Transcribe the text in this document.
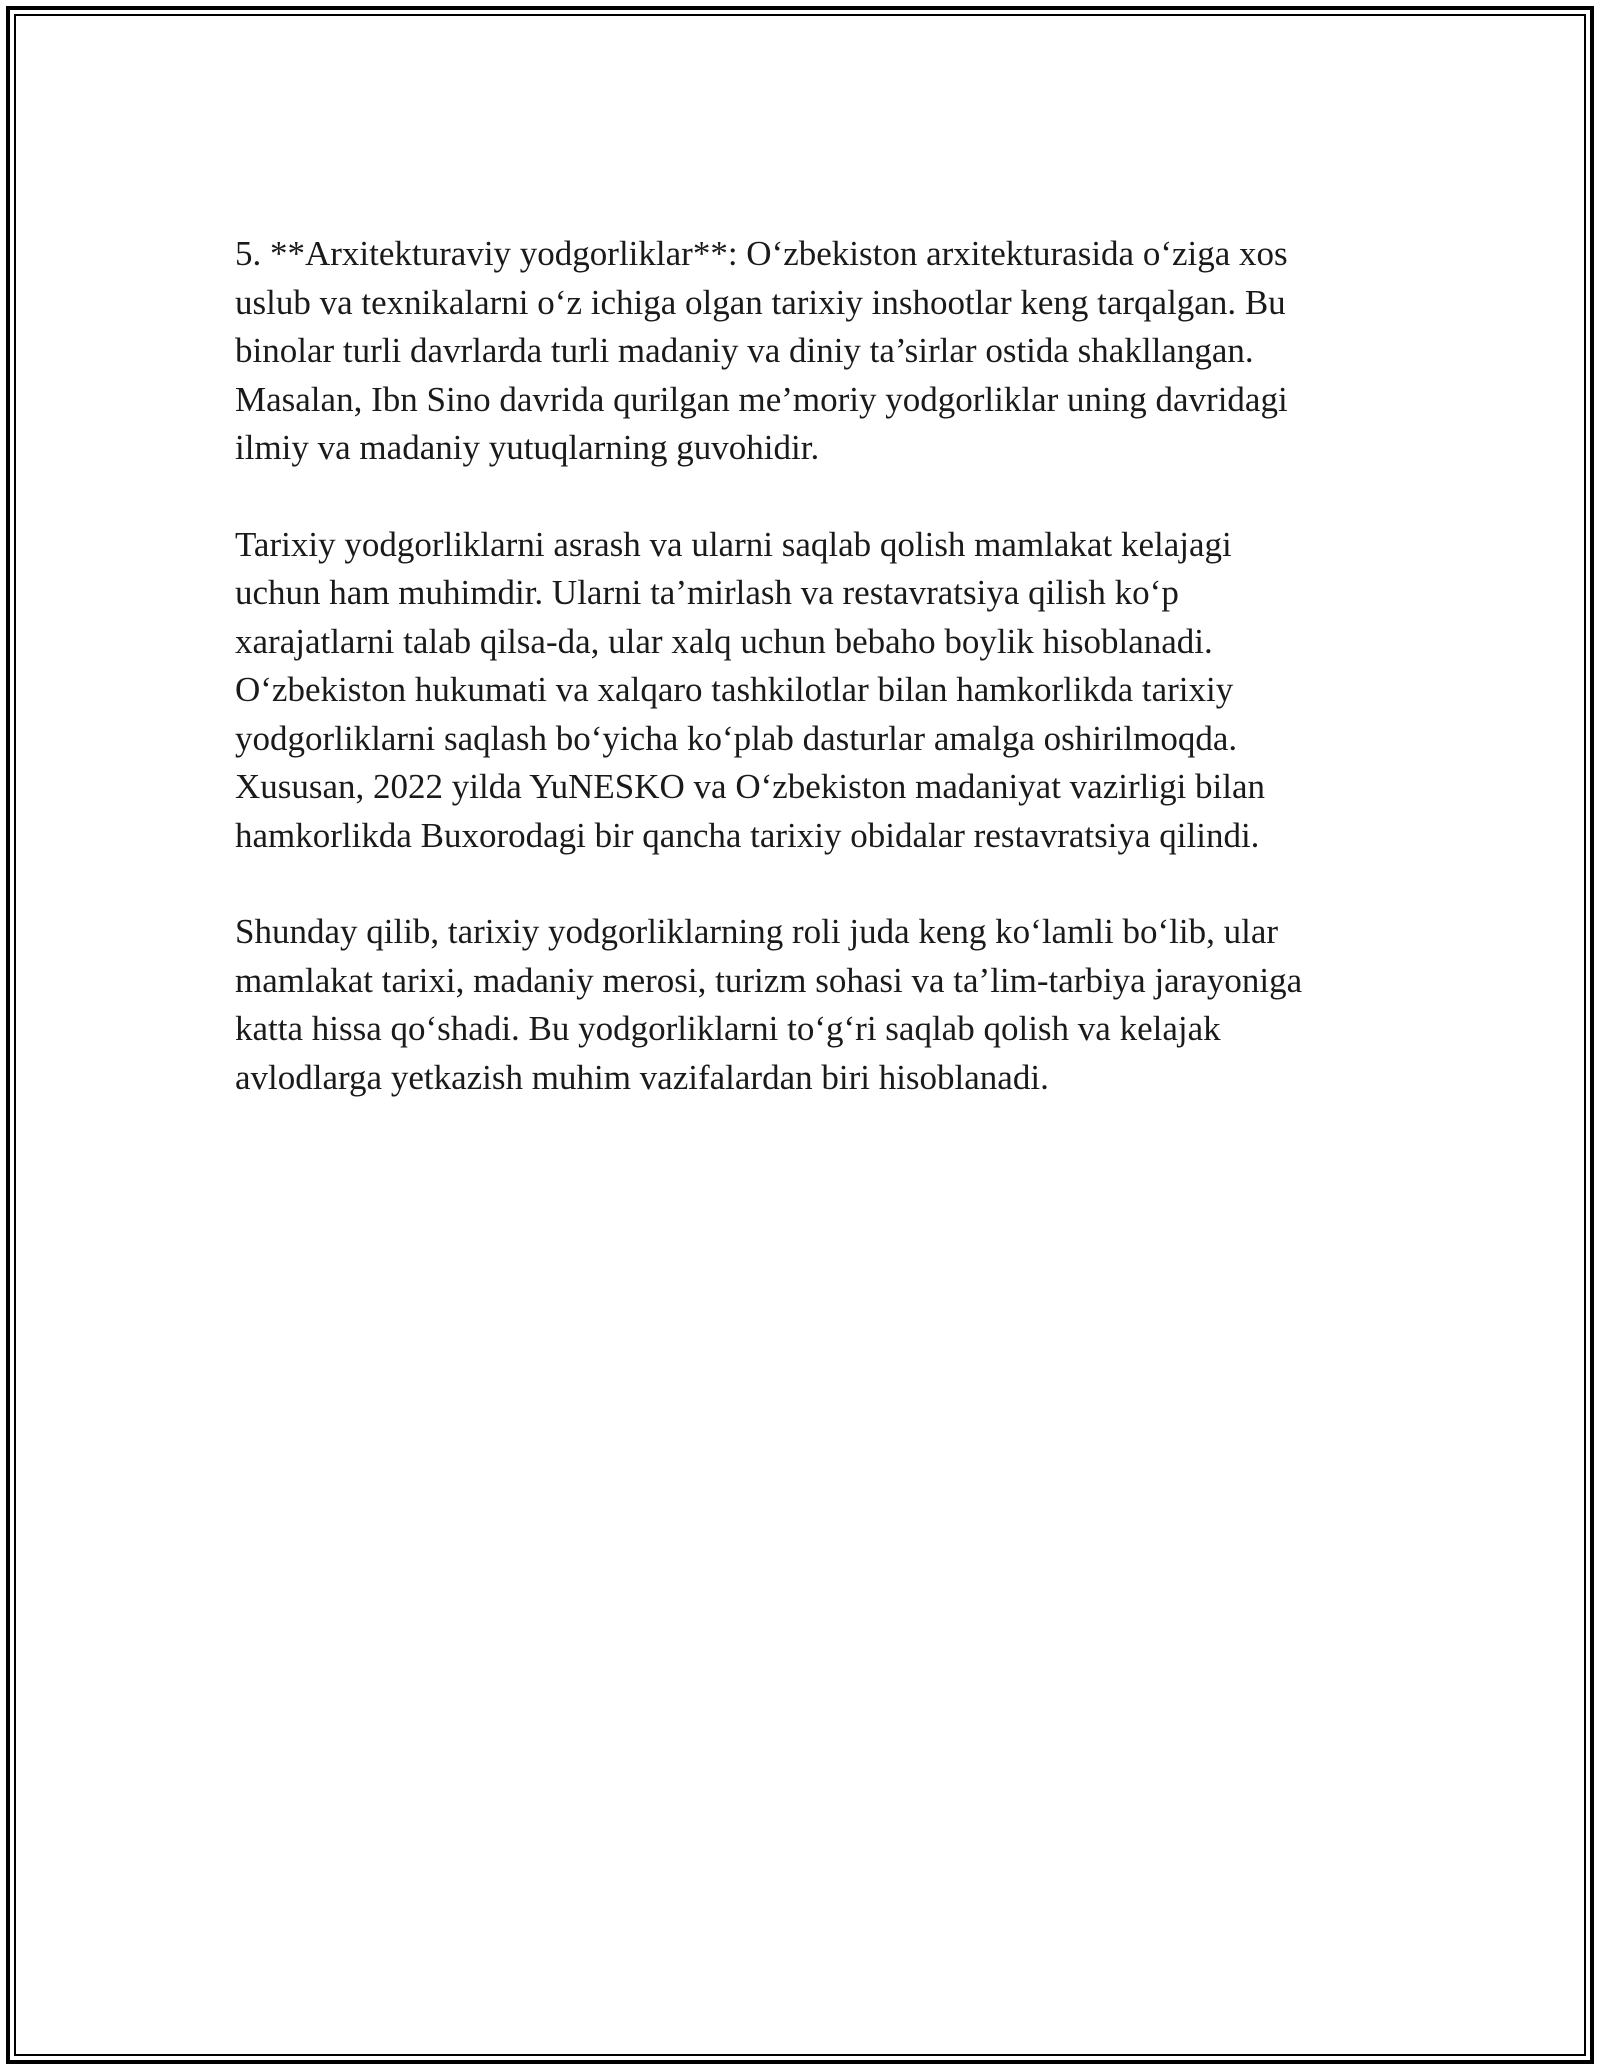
5. **Arxitekturaviy yodgorliklar**: O‘zbekiston arxitekturasida o‘ziga xos
uslub va texnikalarni o‘z ichiga olgan tarixiy inshootlar keng tarqalgan. Bu
binolar turli davrlarda turli madaniy va diniy ta’sirlar ostida shakllangan.
Masalan, Ibn Sino davrida qurilgan me’moriy yodgorliklar uning davridagi
ilmiy va madaniy yutuqlarning guvohidir.

Tarixiy yodgorliklarni asrash va ularni saqlab qolish mamlakat kelajagi
uchun ham muhimdir. Ularni ta’mirlash va restavratsiya qilish ko‘p
xarajatlarni talab qilsa-da, ular xalq uchun bebaho boylik hisoblanadi.
O‘zbekiston hukumati va xalqaro tashkilotlar bilan hamkorlikda tarixiy
yodgorliklarni saqlash bo‘yicha ko‘plab dasturlar amalga oshirilmoqda.
Xususan, 2022 yilda YuNESKO va O‘zbekiston madaniyat vazirligi bilan
hamkorlikda Buxorodagi bir qancha tarixiy obidalar restavratsiya qilindi.

Shunday qilib, tarixiy yodgorliklarning roli juda keng ko‘lamli bo‘lib, ular
mamlakat tarixi, madaniy merosi, turizm sohasi va ta’lim-tarbiya jarayoniga
katta hissa qo‘shadi. Bu yodgorliklarni to‘g‘ri saqlab qolish va kelajak
avlodlarga yetkazish muhim vazifalardan biri hisoblanadi.
